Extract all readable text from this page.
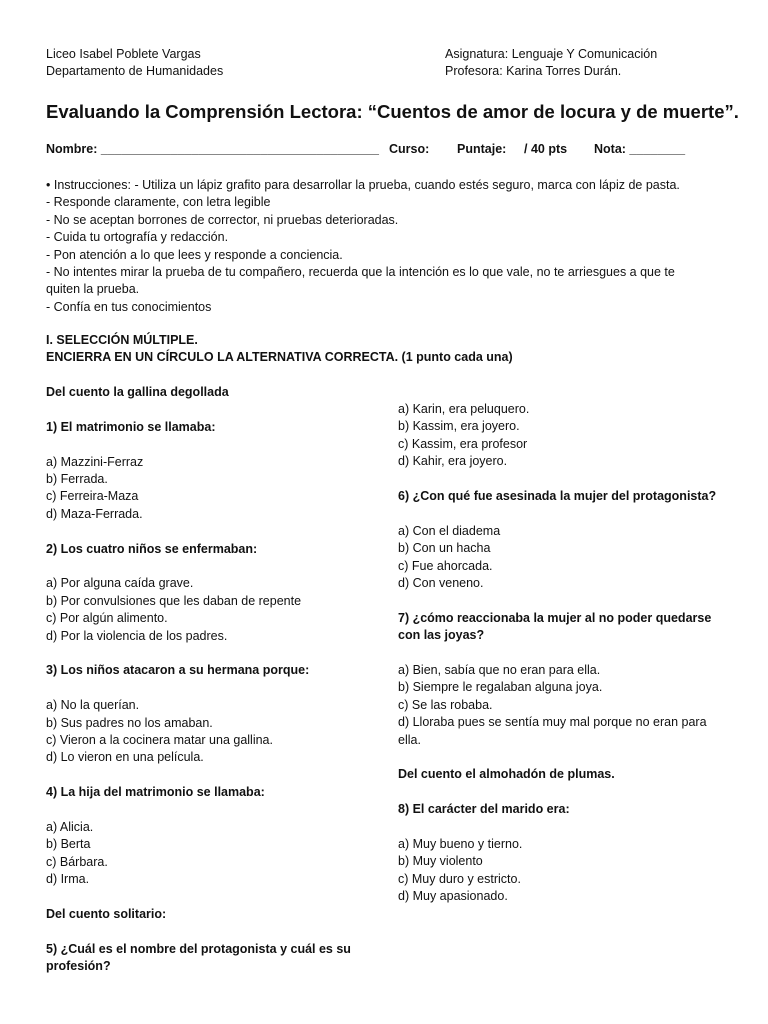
Liceo Isabel Poblete Vargas
Departamento de Humanidades
Asignatura: Lenguaje Y Comunicación
Profesora: Karina Torres Durán.
Evaluando la Comprensión Lectora: “Cuentos de amor de locura y de muerte”.
Nombre: ________________________________________ Curso: Puntaje: / 40 pts Nota: ________
• Instrucciones: - Utiliza un lápiz grafito para desarrollar la prueba, cuando estés seguro, marca con lápiz de pasta.
- Responde claramente, con letra legible
- No se aceptan borrones de corrector, ni pruebas deterioradas.
- Cuida tu ortografía y redacción.
- Pon atención a lo que lees y responde a conciencia.
- No intentes mirar la prueba de tu compañero, recuerda que la intención es lo que vale, no te arriesgues a que te
quiten la prueba.
- Confía en tus conocimientos
I. SELECCIÓN MÚLTIPLE.
ENCIERRA EN UN CÍRCULO LA ALTERNATIVA CORRECTA. (1 punto cada una)
Del cuento la gallina degollada
1) El matrimonio se llamaba:
a) Mazzini-Ferraz
b) Ferrada.
c) Ferreira-Maza
d) Maza-Ferrada.
2) Los cuatro niños se enfermaban:
a) Por alguna caída grave.
b) Por convulsiones que les daban de repente
c) Por algún alimento.
d) Por la violencia de los padres.
3) Los niños atacaron a su hermana porque:
a) No la querían.
b) Sus padres no los amaban.
c) Vieron a la cocinera matar una gallina.
d) Lo vieron en una película.
4) La hija del matrimonio se llamaba:
a) Alicia.
b) Berta
c) Bárbara.
d) Irma.
Del cuento solitario:
5) ¿Cuál es el nombre del protagonista y cuál es su
profesión?
a) Karin, era peluquero.
b) Kassim, era joyero.
c) Kassim, era profesor
d) Kahir, era joyero.
6) ¿Con qué fue asesinada la mujer del protagonista?
a) Con el diadema
b) Con un hacha
c) Fue ahorcada.
d) Con veneno.
7) ¿cómo reaccionaba la mujer al no poder quedarse
con las joyas?
a) Bien, sabía que no eran para ella.
b) Siempre le regalaban alguna joya.
c) Se las robaba.
d) Lloraba pues se sentía muy mal porque no eran para
ella.
Del cuento el almohadón de plumas.
8) El carácter del marido era:
a) Muy bueno y tierno.
b) Muy violento
c) Muy duro y estricto.
d) Muy apasionado.
